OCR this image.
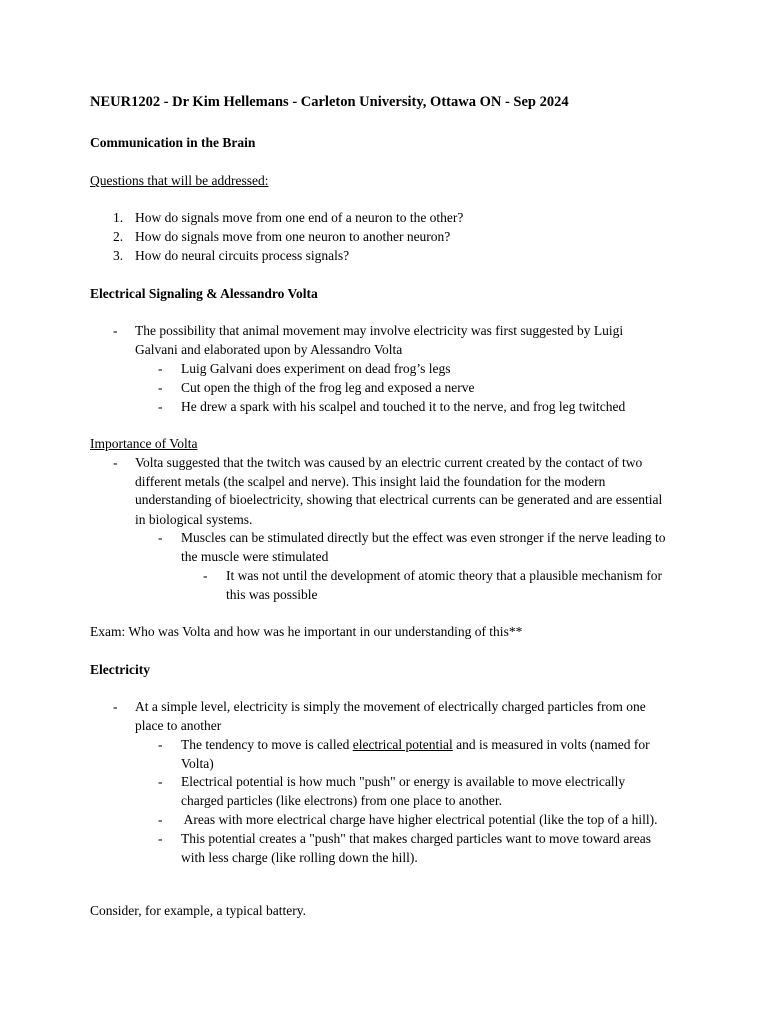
NEUR1202 - Dr Kim Hellemans - Carleton University, Ottawa ON - Sep 2024
Communication in the Brain
Questions that will be addressed:
1. How do signals move from one end of a neuron to the other?
2. How do signals move from one neuron to another neuron?
3. How do neural circuits process signals?
Electrical Signaling & Alessandro Volta
- The possibility that animal movement may involve electricity was first suggested by Luigi
Galvani and elaborated upon by Alessandro Volta
- Luig Galvani does experiment on dead frog’s legs
- Cut open the thigh of the frog leg and exposed a nerve
- He drew a spark with his scalpel and touched it to the nerve, and frog leg twitched
Importance of Volta
- Volta suggested that the twitch was caused by an electric current created by the contact of two
different metals (the scalpel and nerve). This insight laid the foundation for the modern
understanding of bioelectricity, showing that electrical currents can be generated and are essential
in biological systems.
- Muscles can be stimulated directly but the effect was even stronger if the nerve leading to
the muscle were stimulated
- It was not until the development of atomic theory that a plausible mechanism for
this was possible
Exam: Who was Volta and how was he important in our understanding of this**
Electricity
- At a simple level, electricity is simply the movement of electrically charged particles from one
place to another
- The tendency to move is called electrical potential and is measured in volts (named for
Volta)
- Electrical potential is how much "push" or energy is available to move electrically
charged particles (like electrons) from one place to another.
- Areas with more electrical charge have higher electrical potential (like the top of a hill).
- This potential creates a "push" that makes charged particles want to move toward areas
with less charge (like rolling down the hill).
Consider, for example, a typical battery.
